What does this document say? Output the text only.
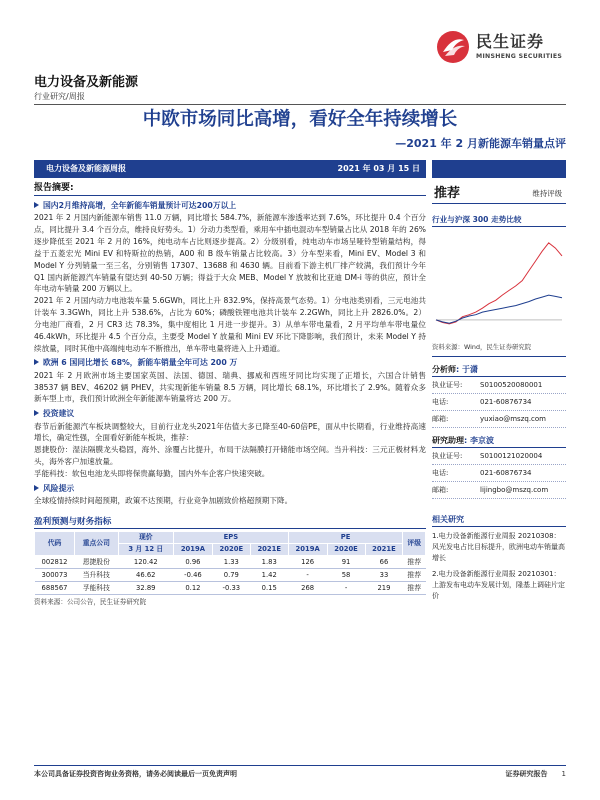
民生证券
MINSHENG SECURITIES
电力设备及新能源
行业研究/周报
中欧市场同比高增，看好全年持续增长
—2021 年 2 月新能源车销量点评
电力设备及新能源周报	2021 年 03 月 15 日
报告摘要:
国内2月维持高增，全年新能车销量预计可达200万以上

2021 年 2 月国内新能源车销售 11.0 万辆，同比增长 584.7%，新能源车渗透率达到 7.6%，环比提升 0.4 个百分点，同比提升 3.4 个百分点，维持良好势头。1）分动力类型看，乘用车中插电混动车型销量占比从 2018 年的 26%逐步降低至 2021 年 2 月的 16%，纯电动车占比则逐步提高。2）分级别看，纯电动车市场呈哑铃型销量结构，得益于五菱宏光 Mini EV 和特斯拉的热销，A00 和 B 级车销量占比较高。3）分车型来看，Mini EV、Model 3 和 Model Y 分列销量一至三名，分别销售 17307、13688 和 4630 辆。目前看下游主机厂排产较满，我们预计今年 Q1 国内新能源汽车销量有望达到 40-50 万辆；得益于大众 MEB、Model Y 放坡和比亚迪 DM-i 等的供应，预计全年电动车销量 200 万辆以上。

2021 年 2 月国内动力电池装车量 5.6GWh，同比上升 832.9%，保持高景气态势。1）分电池类别看，三元电池共计装车 3.3GWh，同比上升 538.6%，占比为 60%；磷酸铁锂电池共计装车 2.2GWh，同比上升 2826.0%。2）分电池厂商看，2 月 CR3 达 78.3%，集中度相比 1 月进一步提升。3）从单车带电量看，2 月平均单车带电量位 46.4kWh，环比提升 4.5 个百分点，主要受 Model Y 放量和 Mini EV 环比下降影响，我们预计，未来 Model Y 持续放量，同时其他中高端纯电动车不断推出，单车带电量将进入上升通道。

欧洲 6 国同比增长 68%，新能车销量全年可达 200 万

2021 年 2 月欧洲市场主要国家英国、法国、德国、瑞典、挪威和西班牙同比均实现了正增长，六国合计销售 38537 辆 BEV、46202 辆 PHEV，共实现新能车销量 8.5 万辆，同比增长 68.1%，环比增长了 2.9%。随着众多新车型上市，我们预计欧洲全年新能源车销量将达 200 万。

投资建议

春节后新能源汽车板块调整较大，目前行业龙头2021年估值大多已降至40-60倍PE，面从中长期看，行业维持高速增长，确定性强，全面看好新能车板块，推荐：

恩捷股份：湿法隔膜龙头稳固，海外、涂覆占比提升，布局干法隔膜打开储能市场空间。当升科技：三元正极材料龙头，海外客户加速放量。

孚能科技：软包电池龙头即将保贵赢每勤，国内外车企客户快速突破。

风险提示

全球疫情持续时间超预期，政策不达预期，行业竞争加剧致价格超预期下降。

盈利预测与财务指标
代码	重点公司	现价	EPS			PE			评级
		3 月 12 日	2019A	2020E	2021E	2019A	2020E	2021E	
002812	恩捷股份	120.42	0.96	1.33	1.83	126	91	66	推荐
300073	当升科技	46.62	-0.46	0.79	1.42	-	58	33	推荐
688567	孚能科技	32.89	0.12	-0.33	0.15	268	-	219	推荐
资料来源：公司公告，民生证券研究院
推荐	维持评级
行业与沪深 300 走势比较
资料来源：Wind，民生证券研究院
分析师: 于潇
执业证号:	S0100520080001
电话:	021-60876734
邮箱:	yuxiao@mszq.com
研究助理: 李京波
执业证号:	S0100121020004
电话:	021-60876734
邮箱:	lijingbo@mszq.com
相关研究
1.电力设备新能源行业周报 20210308：风光发电占比目标提升，欧洲电动车销量高增长
2.电力设备新能源行业周报 20210301：上游发布电动车发展计划，隆基上调硅片定价
本公司具备证券投资咨询业务资格，请务必阅读最后一页免责声明	证券研究报告 1
